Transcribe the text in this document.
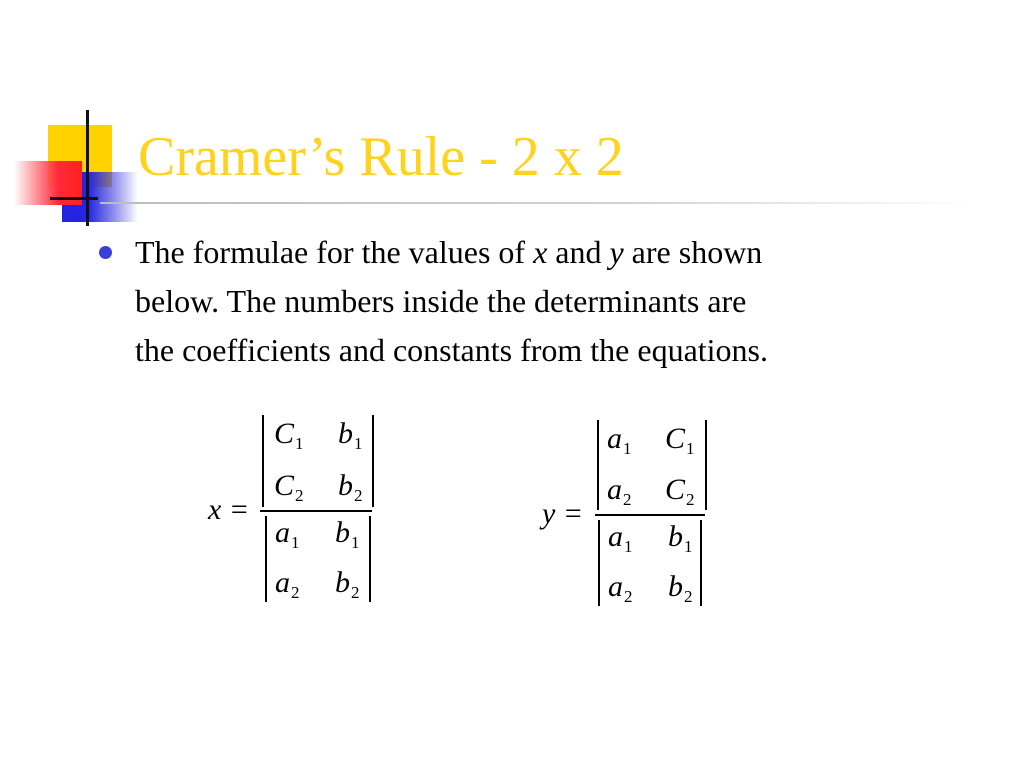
Cramer’s Rule - 2 x 2

The formulae for the values of x and y are shown
below. The numbers inside the determinants are
the coefficients and constants from the equations.

x =
$C_1$ $b_1$
$C_2$ $b_2$
$a_1$ $b_1$
$a_2$ $b_2$
y =
$a_1$ $C_1$
$a_2$ $C_2$
$a_1$ $b_1$
$a_2$ $b_2$
